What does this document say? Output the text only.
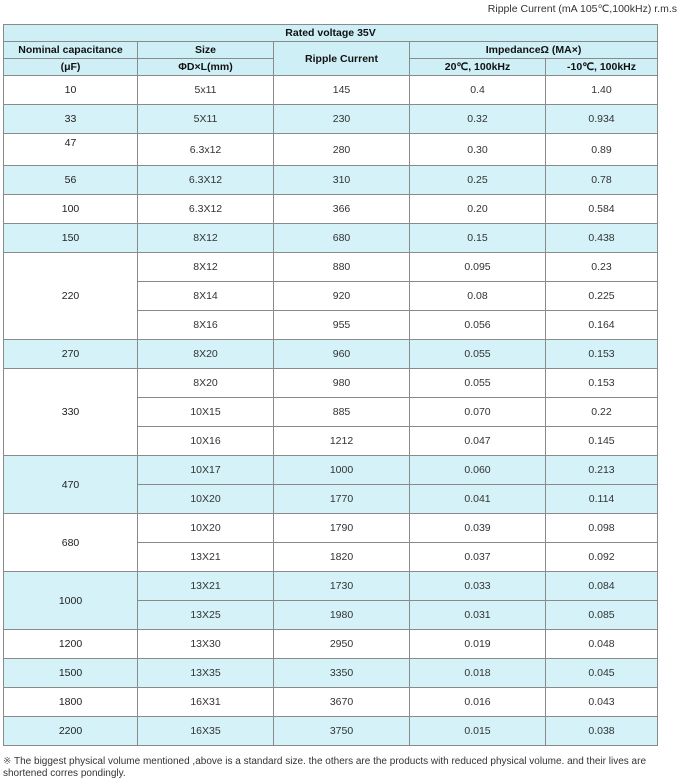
Ripple Current (mA 105℃,100kHz) r.m.s
Rated voltage 35V				
Nominal capacitance	Size	Ripple Current	ImpedanceΩ (MA×)	
(μF)	ΦD×L(mm)		20℃, 100kHz	-10℃, 100kHz
10	5x11	145	0.4	1.40
33	5X11	230	0.32	0.934
47	6.3x12	280	0.30	0.89
56	6.3X12	310	0.25	0.78
100	6.3X12	366	0.20	0.584
150	8X12	680	0.15	0.438
220	8X12	880	0.095	0.23
	8X14	920	0.08	0.225
	8X16	955	0.056	0.164
270	8X20	960	0.055	0.153
330	8X20	980	0.055	0.153
	10X15	885	0.070	0.22
	10X16	1212	0.047	0.145
470	10X17	1000	0.060	0.213
	10X20	1770	0.041	0.114
680	10X20	1790	0.039	0.098
	13X21	1820	0.037	0.092
1000	13X21	1730	0.033	0.084
	13X25	1980	0.031	0.085
1200	13X30	2950	0.019	0.048
1500	13X35	3350	0.018	0.045
1800	16X31	3670	0.016	0.043
2200	16X35	3750	0.015	0.038
※ The biggest physical volume mentioned ,above is a standard size. the others are the products with reduced physical volume. and their lives are shortened corres pondingly.
